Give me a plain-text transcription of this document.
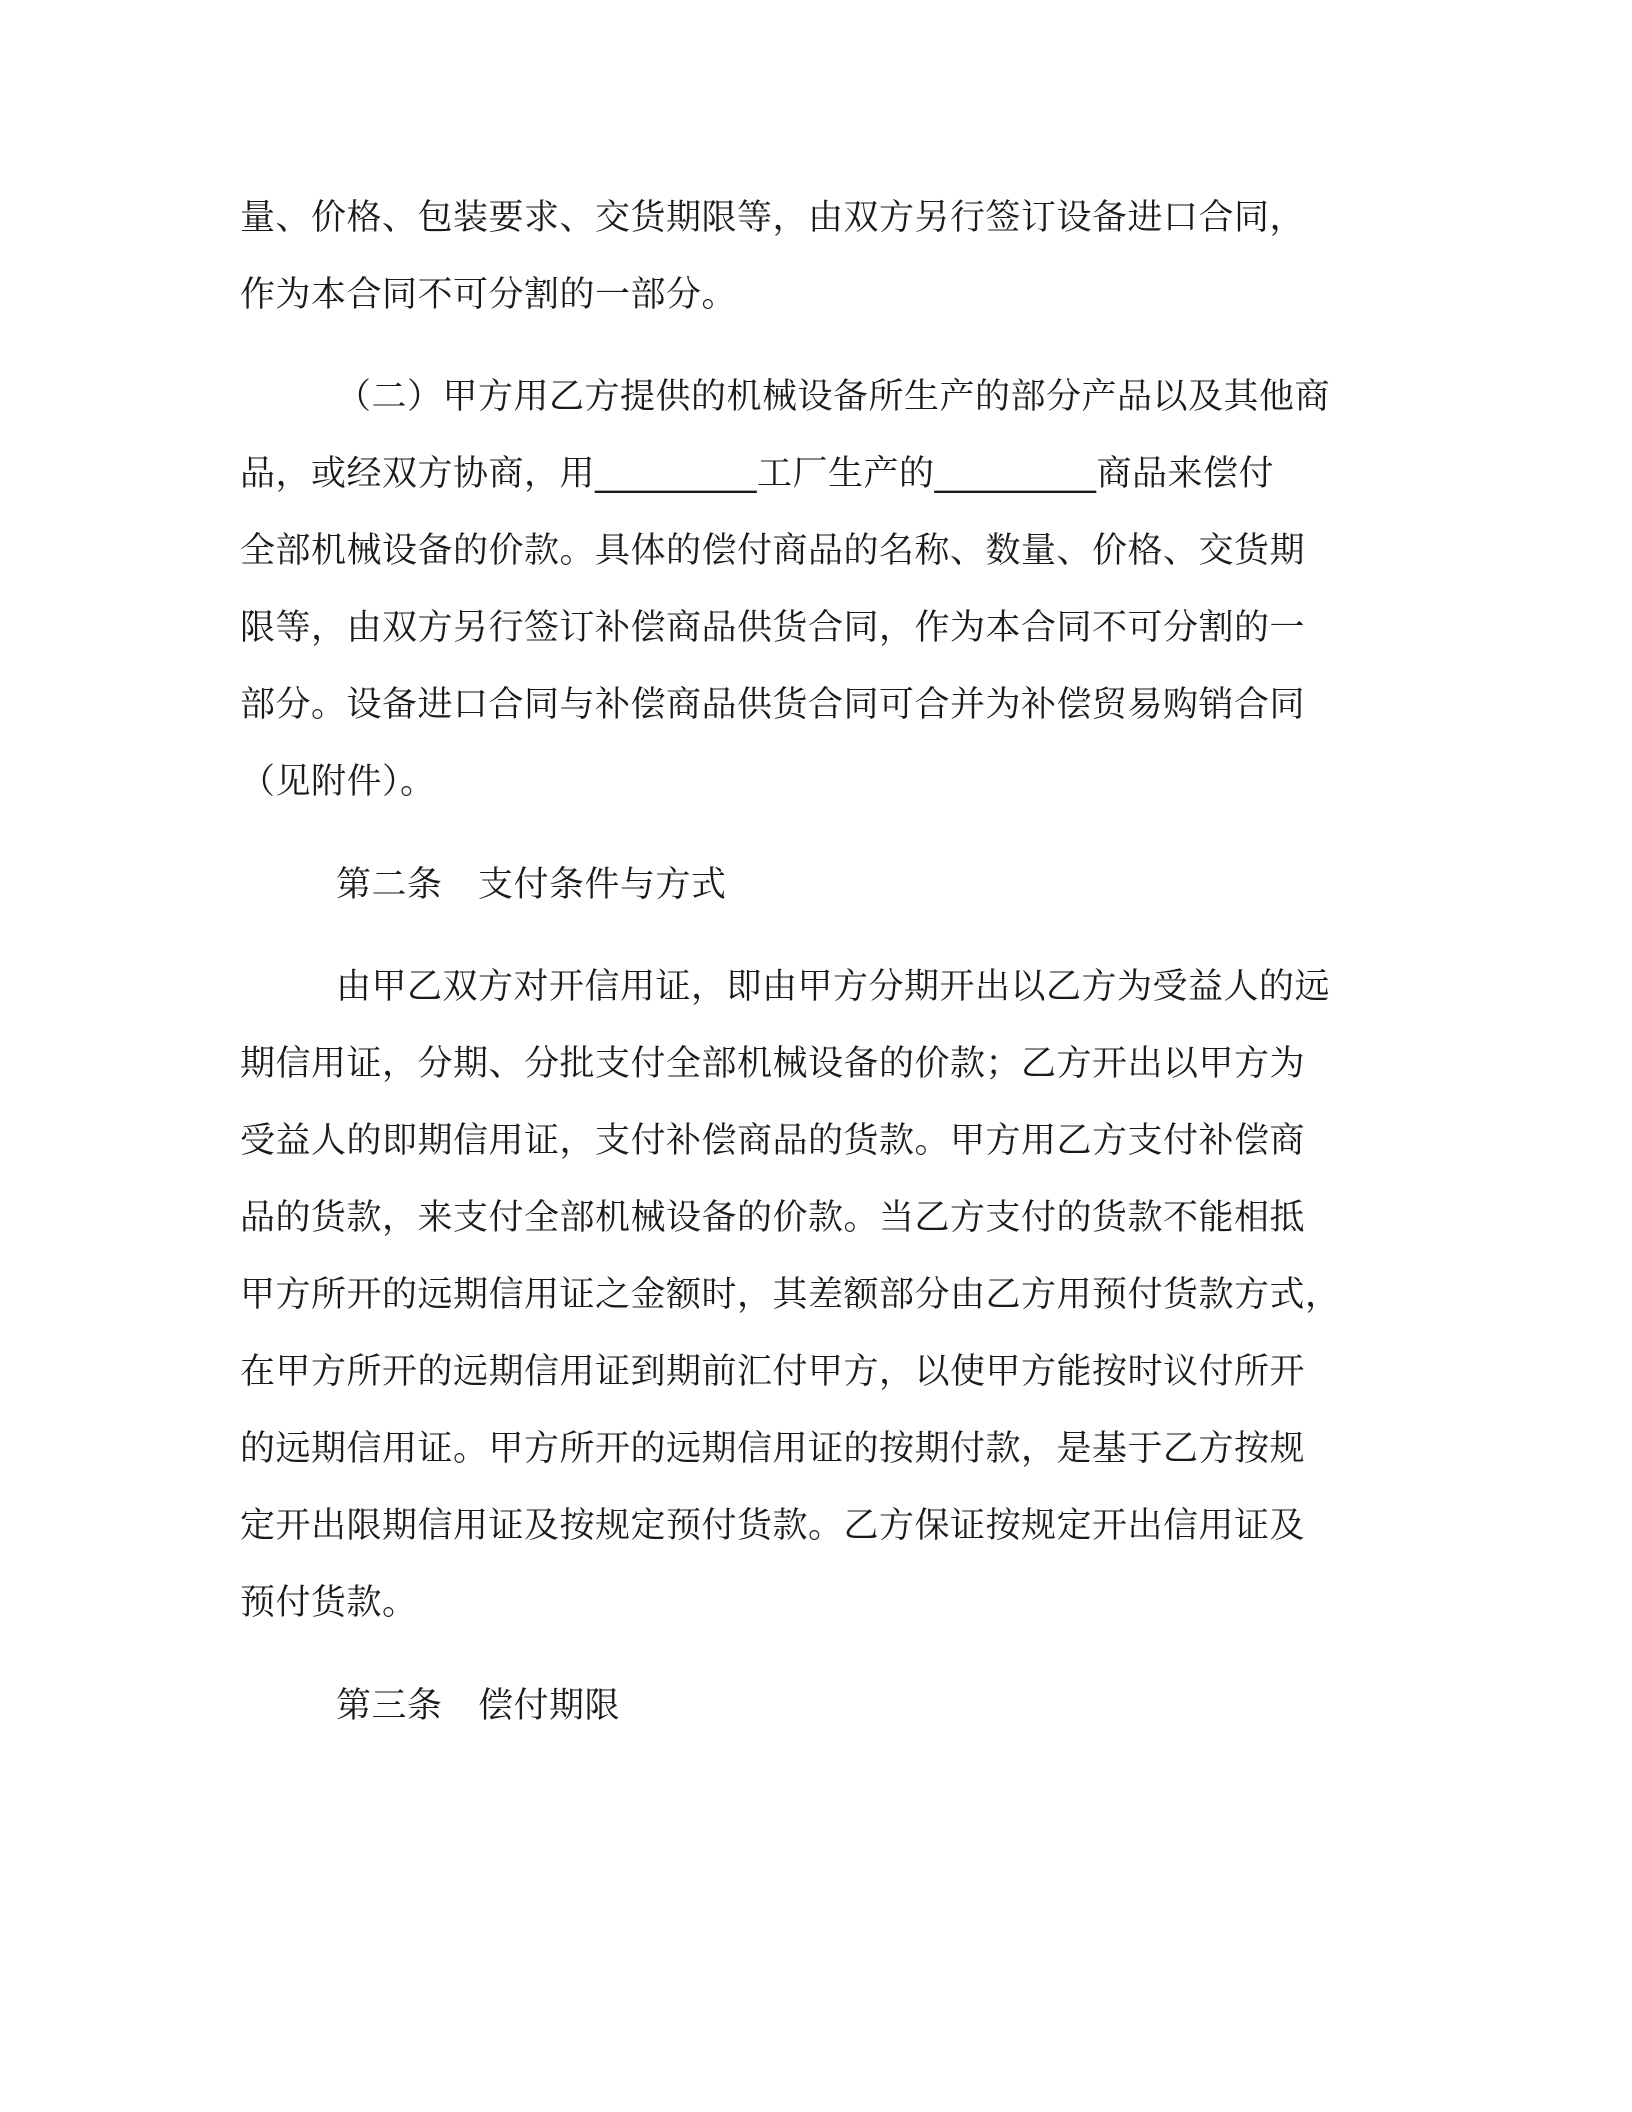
量、价格、包装要求、交货期限等，由双方另行签订设备进口合同，
作为本合同不可分割的一部分。
（二）甲方用乙方提供的机械设备所生产的部分产品以及其他商
品，或经双方协商，用_________工厂生产的_________商品来偿付
全部机械设备的价款。具体的偿付商品的名称、数量、价格、交货期
限等，由双方另行签订补偿商品供货合同，作为本合同不可分割的一
部分。设备进口合同与补偿商品供货合同可合并为补偿贸易购销合同
（见附件）。
第二条　支付条件与方式
由甲乙双方对开信用证，即由甲方分期开出以乙方为受益人的远
期信用证，分期、分批支付全部机械设备的价款；乙方开出以甲方为
受益人的即期信用证，支付补偿商品的货款。甲方用乙方支付补偿商
品的货款，来支付全部机械设备的价款。当乙方支付的货款不能相抵
甲方所开的远期信用证之金额时，其差额部分由乙方用预付货款方式，
在甲方所开的远期信用证到期前汇付甲方，以使甲方能按时议付所开
的远期信用证。甲方所开的远期信用证的按期付款，是基于乙方按规
定开出限期信用证及按规定预付货款。乙方保证按规定开出信用证及
预付货款。
第三条　偿付期限
